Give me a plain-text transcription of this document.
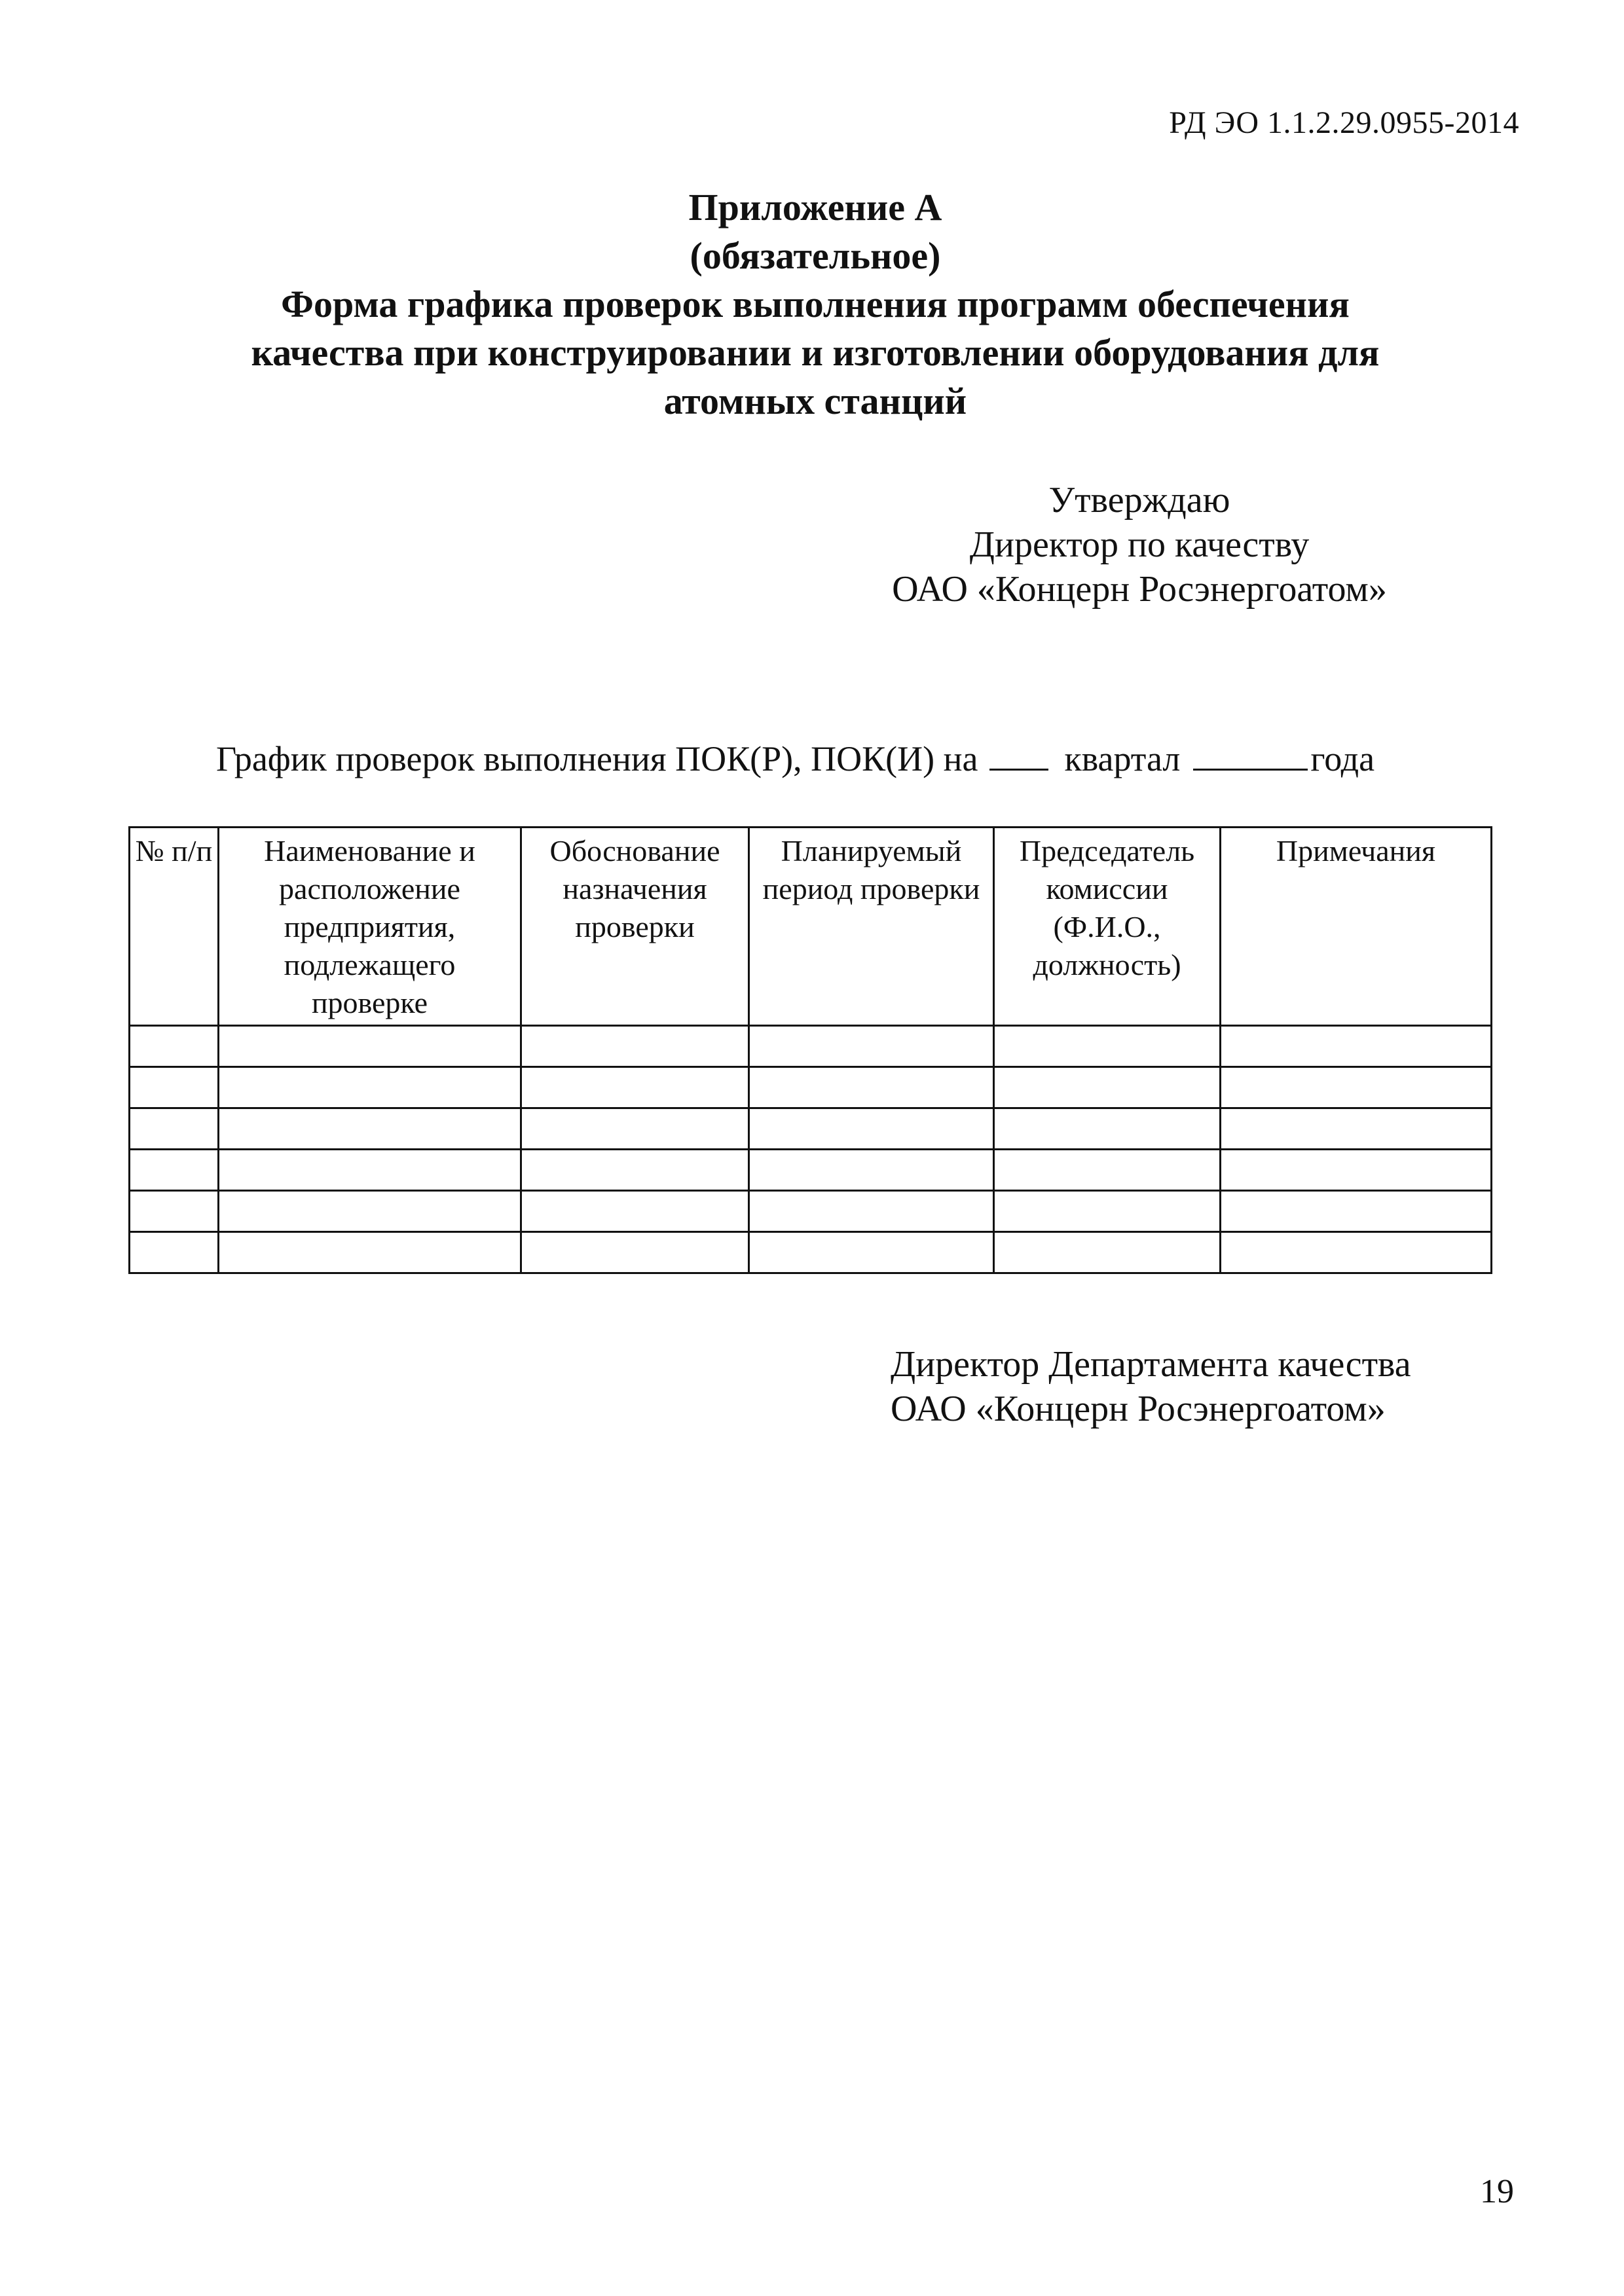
РД ЭО 1.1.2.29.0955-2014
Приложение А
(обязательное)
Форма графика проверок выполнения программ обеспечения
качества при конструировании и изготовлении оборудования для
атомных станций
Утверждаю
Директор по качеству
ОАО «Концерн Росэнергоатом»
График проверок выполнения ПОК(Р), ПОК(И) на квартал	года
№ п/п	Наименование и расположение предприятия, подлежащего проверке	Обоснование назначения проверки	Планируемый период проверки	Председатель комиссии (Ф.И.О., должность)	Примечания

Директор Департамента качества
ОАО «Концерн Росэнергоатом»
19
